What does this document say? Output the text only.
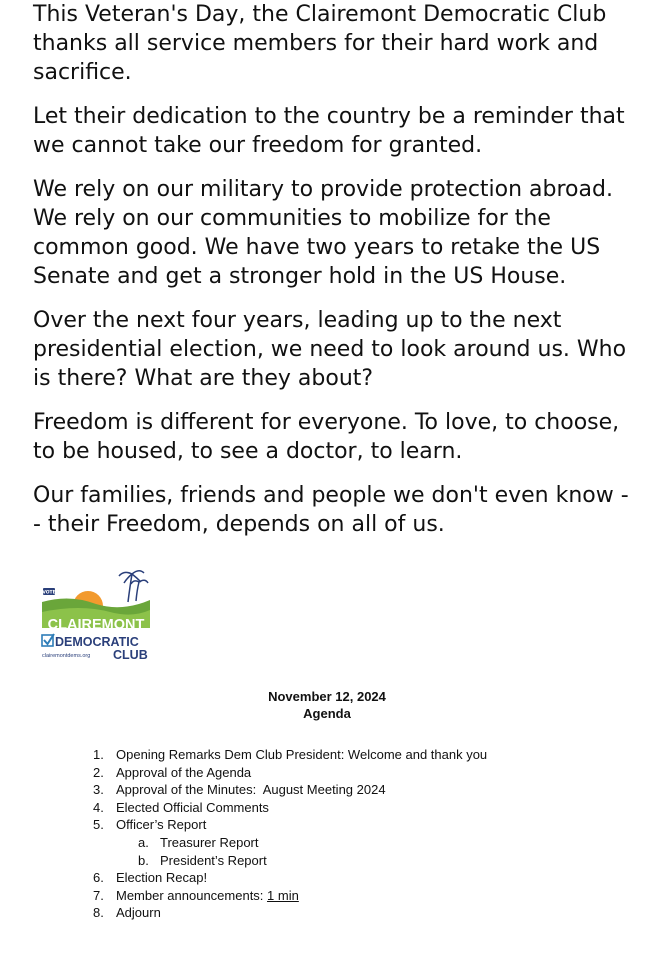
This Veteran's Day, the Clairemont Democratic Club thanks all service members for their hard work and sacrifice.

Let their dedication to the country be a reminder that we cannot take our freedom for granted.

We rely on our military to provide protection abroad. We rely on our communities to mobilize for the common good. We have two years to retake the US Senate and get a stronger hold in the US House.

Over the next four years, leading up to the next presidential election, we need to look around us. Who is there? What are they about?

Freedom is different for everyone. To love, to choose, to be housed, to see a doctor, to learn.

Our families, friends and people we don't even know -- their Freedom, depends on all of us.

VOTE
CLAIREMONT
DEMOCRATIC
clairemontdems.org CLUB
November 12, 2024
Agenda
1. Opening Remarks Dem Club President: Welcome and thank you
2. Approval of the Agenda
3. Approval of the Minutes:  August Meeting 2024
4. Elected Official Comments
5. Officer’s Report
a. Treasurer Report
b. President’s Report
6. Election Recap!
7. Member announcements: 1 min
8. Adjourn
